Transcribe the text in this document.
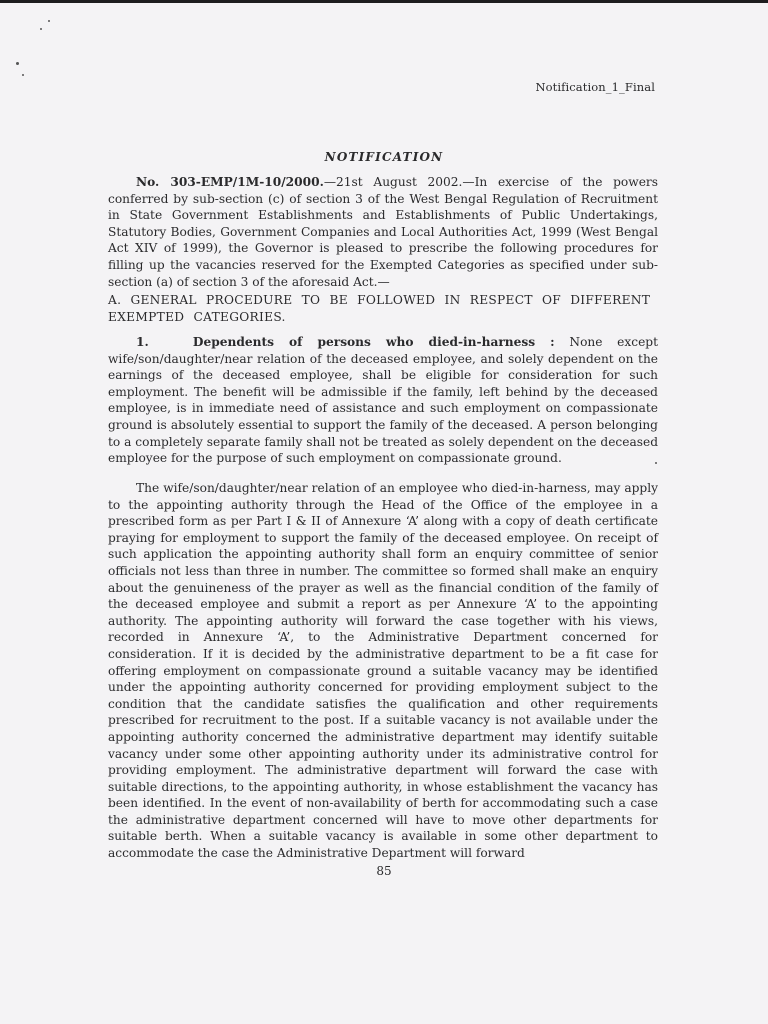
Notification_1_Final
NOTIFICATION
No. 303-EMP/1M-10/2000.—21st August 2002.—In exercise of the powers conferred by sub-section (c) of section 3 of the West Bengal Regulation of Recruitment in State Government Establishments and Establishments of Public Undertakings, Statutory Bodies, Government Companies and Local Authorities Act, 1999 (West Bengal Act XIV of 1999), the Governor is pleased to prescribe the following procedures for filling up the vacancies reserved for the Exempted Categories as specified under sub-section (a) of section 3 of the aforesaid Act.—
A. GENERAL PROCEDURE TO BE FOLLOWED IN RESPECT OF DIFFERENT EXEMPTED CATEGORIES.
1.	Dependents of persons who died-in-harness : None except wife/son/daughter/near relation of the deceased employee, and solely dependent on the earnings of the deceased employee, shall be eligible for consideration for such employment. The benefit will be admissible if the family, left behind by the deceased employee, is in immediate need of assistance and such employment on compassionate ground is absolutely essential to support the family of the deceased. A person belonging to a completely separate family shall not be treated as solely dependent on the deceased employee for the purpose of such employment on compassionate ground.
The wife/son/daughter/near relation of an employee who died-in-harness, may apply to the appointing authority through the Head of the Office of the employee in a prescribed form as per Part I & II of Annexure ‘A’ along with a copy of death certificate praying for employment to support the family of the deceased employee. On receipt of such application the appointing authority shall form an enquiry committee of senior officials not less than three in number. The committee so formed shall make an enquiry about the genuineness of the prayer as well as the financial condition of the family of the deceased employee and submit a report as per Annexure ‘A’ to the appointing authority. The appointing authority will forward the case together with his views, recorded in Annexure ‘A’, to the Administrative Department concerned for consideration. If it is decided by the administrative department to be a fit case for offering employment on compassionate ground a suitable vacancy may be identified under the appointing authority concerned for providing employment subject to the condition that the candidate satisfies the qualification and other requirements prescribed for recruitment to the post. If a suitable vacancy is not available under the appointing authority concerned the administrative department may identify suitable vacancy under some other appointing authority under its administrative control for providing employment. The administrative department will forward the case with suitable directions, to the appointing authority, in whose establishment the vacancy has been identified. In the event of non-availability of berth for accommodating such a case the administrative department concerned will have to move other departments for suitable berth. When a suitable vacancy is available in some other department to accommodate the case the Administrative Department will forward
85
